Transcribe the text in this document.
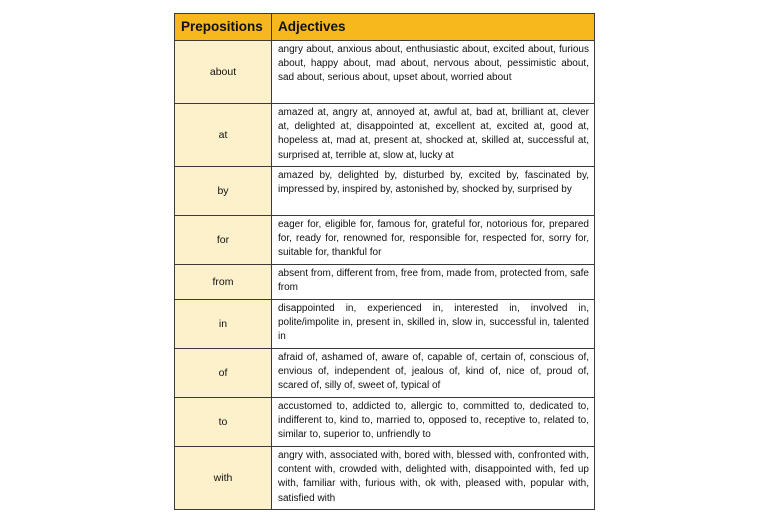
Prepositions	Adjectives
about	angry about, anxious about, enthusiastic about, excited about, furious about, happy about, mad about, nervous about, pessimistic about, sad about, serious about, upset about, worried about
at	amazed at, angry at, annoyed at, awful at, bad at, brilliant at, clever at, delighted at, disappointed at, excellent at, excited at, good at, hopeless at, mad at, present at, shocked at, skilled at, successful at, surprised at, terrible at, slow at, lucky at
by	amazed by, delighted by, disturbed by, excited by, fascinated by, impressed by, inspired by, astonished by, shocked by, surprised by
for	eager for, eligible for, famous for, grateful for, notorious for, prepared for, ready for, renowned for, responsible for, respected for, sorry for, suitable for, thankful for
from	absent from, different from, free from, made from, protected from, safe from
in	disappointed in, experienced in, interested in, involved in, polite/impolite in, present in, skilled in, slow in, successful in, talented in
of	afraid of, ashamed of, aware of, capable of, certain of, conscious of, envious of, independent of, jealous of, kind of, nice of, proud of, scared of, silly of, sweet of, typical of
to	accustomed to, addicted to, allergic to, committed to, dedicated to, indifferent to, kind to, married to, opposed to, receptive to, related to, similar to, superior to, unfriendly to
with	angry with, associated with, bored with, blessed with, confronted with, content with, crowded with, delighted with, disappointed with, fed up with, familiar with, furious with, ok with, pleased with, popular with, satisfied with
